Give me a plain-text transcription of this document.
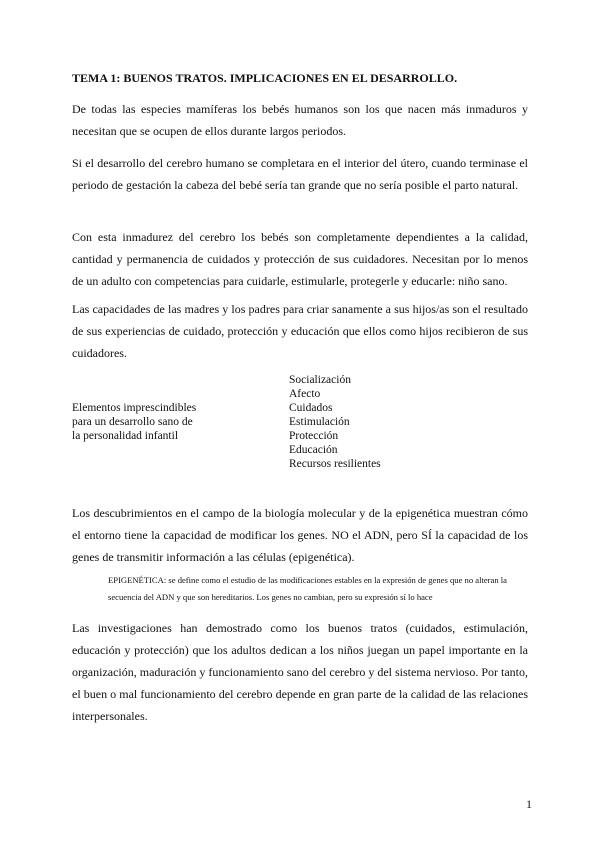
TEMA 1: BUENOS TRATOS. IMPLICACIONES EN EL DESARROLLO.

De todas las especies mamíferas los bebés humanos son los que nacen más inmaduros y necesitan que se ocupen de ellos durante largos periodos.

Si el desarrollo del cerebro humano se completara en el interior del útero, cuando terminase el periodo de gestación la cabeza del bebé sería tan grande que no sería posible el parto natural.

Con esta inmadurez del cerebro los bebés son completamente dependientes a la calidad, cantidad y permanencia de cuidados y protección de sus cuidadores. Necesitan por lo menos de un adulto con competencias para cuidarle, estimularle, protegerle y educarle: niño sano.

Las capacidades de las madres y los padres para criar sanamente a sus hijos/as son el resultado de sus experiencias de cuidado, protección y educación que ellos como hijos recibieron de sus cuidadores.

Elementos imprescindibles
para un desarrollo sano de
la personalidad infantil
Socialización
Afecto
Cuidados
Estimulación
Protección
Educación
Recursos resilientes

Los descubrimientos en el campo de la biología molecular y de la epigenética muestran cómo el entorno tiene la capacidad de modificar los genes. NO el ADN, pero SÍ la capacidad de los genes de transmitir información a las células (epigenética).

EPIGENÉTICA: se define como el estudio de las modificaciones estables en la expresión de genes que no alteran la secuencia del ADN y que son hereditarios. Los genes no cambian, pero su expresión sí lo hace

Las investigaciones han demostrado como los buenos tratos (cuidados, estimulación, educación y protección) que los adultos dedican a los niños juegan un papel importante en la organización, maduración y funcionamiento sano del cerebro y del sistema nervioso. Por tanto, el buen o mal funcionamiento del cerebro depende en gran parte de la calidad de las relaciones interpersonales.

1
